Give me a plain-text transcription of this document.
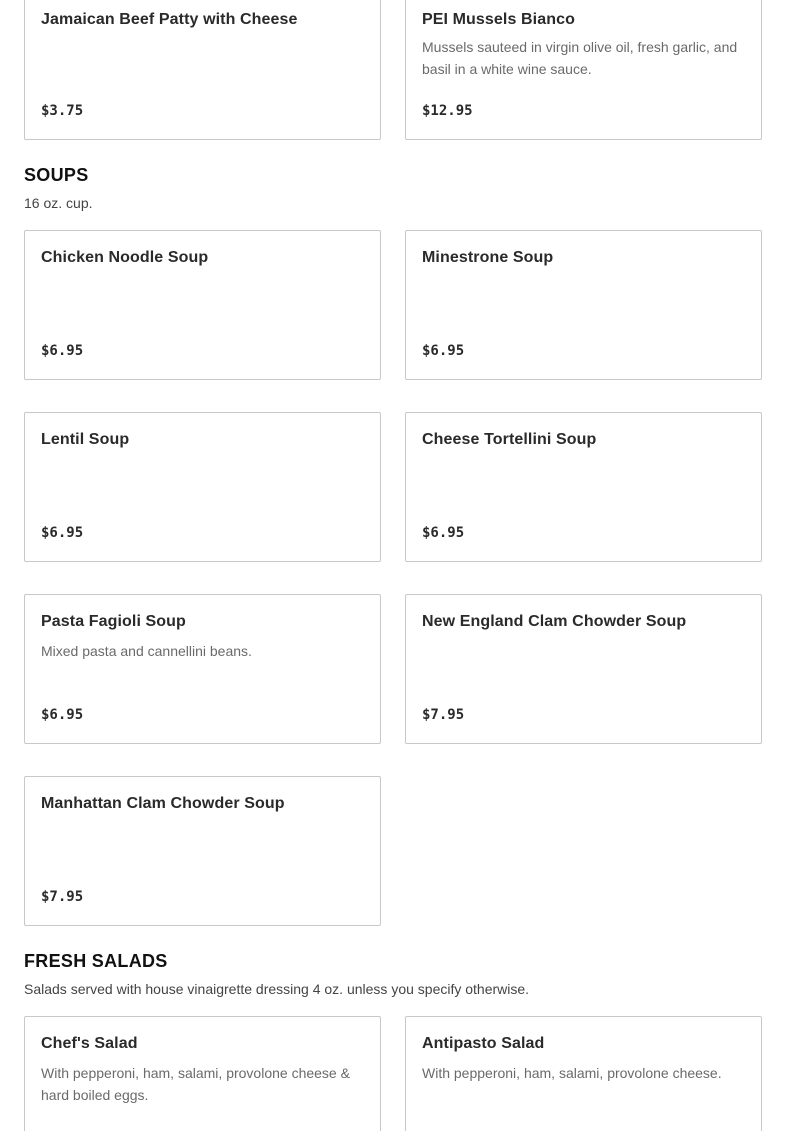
Jamaican Beef Patty with Cheese
$3.75
PEI Mussels Bianco
Mussels sauteed in virgin olive oil, fresh garlic, and basil in a white wine sauce.
$12.95
SOUPS
16 oz. cup.
Chicken Noodle Soup
$6.95
Minestrone Soup
$6.95
Lentil Soup
$6.95
Cheese Tortellini Soup
$6.95
Pasta Fagioli Soup
Mixed pasta and cannellini beans.
$6.95
New England Clam Chowder Soup
$7.95
Manhattan Clam Chowder Soup
$7.95
FRESH SALADS
Salads served with house vinaigrette dressing 4 oz. unless you specify otherwise.
Chef's Salad
With pepperoni, ham, salami, provolone cheese & hard boiled eggs.
Antipasto Salad
With pepperoni, ham, salami, provolone cheese.
